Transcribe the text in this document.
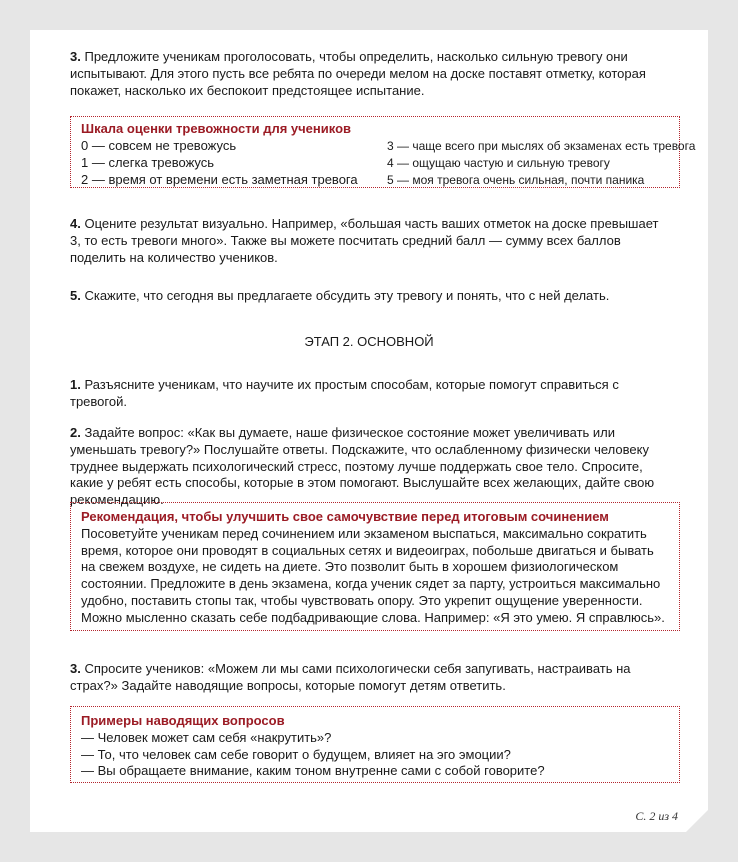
3. Предложите ученикам проголосовать, чтобы определить, насколько сильную тревогу они испытывают. Для этого пусть все ребята по очереди мелом на доске поставят отметку, которая покажет, насколько их беспокоит предстоящее испытание.
Шкала оценки тревожности для учеников
0 — совсем не тревожусь
1 — слегка тревожусь
2 — время от времени есть заметная тревога
3 — чаще всего при мыслях об экзаменах есть тревога
4 — ощущаю частую и сильную тревогу
5 — моя тревога очень сильная, почти паника
4. Оцените результат визуально. Например, «большая часть ваших отметок на доске превышает 3, то есть тревоги много». Также вы можете посчитать средний балл — сумму всех баллов поделить на количество учеников.
5. Скажите, что сегодня вы предлагаете обсудить эту тревогу и понять, что с ней делать.
ЭТАП 2. ОСНОВНОЙ
1. Разъясните ученикам, что научите их простым способам, которые помогут справиться с тревогой.
2. Задайте вопрос: «Как вы думаете, наше физическое состояние может увеличивать или уменьшать тревогу?» Послушайте ответы. Подскажите, что ослабленному физически человеку труднее выдержать психологический стресс, поэтому лучше поддержать свое тело. Спросите, какие у ребят есть способы, которые в этом помогают. Выслушайте всех желающих, дайте свою рекомендацию.
Рекомендация, чтобы улучшить свое самочувствие перед итоговым сочинением
Посоветуйте ученикам перед сочинением или экзаменом выспаться, максимально сократить время, которое они проводят в социальных сетях и видеоиграх, побольше двигаться и бывать на свежем воздухе, не сидеть на диете. Это позволит быть в хорошем физиологическом состоянии. Предложите в день экзамена, когда ученик сядет за парту, устроиться максимально удобно, поставить стопы так, чтобы чувствовать опору. Это укрепит ощущение уверенности. Можно мысленно сказать себе подбадривающие слова. Например: «Я это умею. Я справлюсь».
3. Спросите учеников: «Можем ли мы сами психологически себя запугивать, настраивать на страх?» Задайте наводящие вопросы, которые помогут детям ответить.
Примеры наводящих вопросов
— Человек может сам себя «накрутить»?
— То, что человек сам себе говорит о будущем, влияет на эго эмоции?
— Вы обращаете внимание, каким тоном внутренне сами с собой говорите?
С. 2 из 4
